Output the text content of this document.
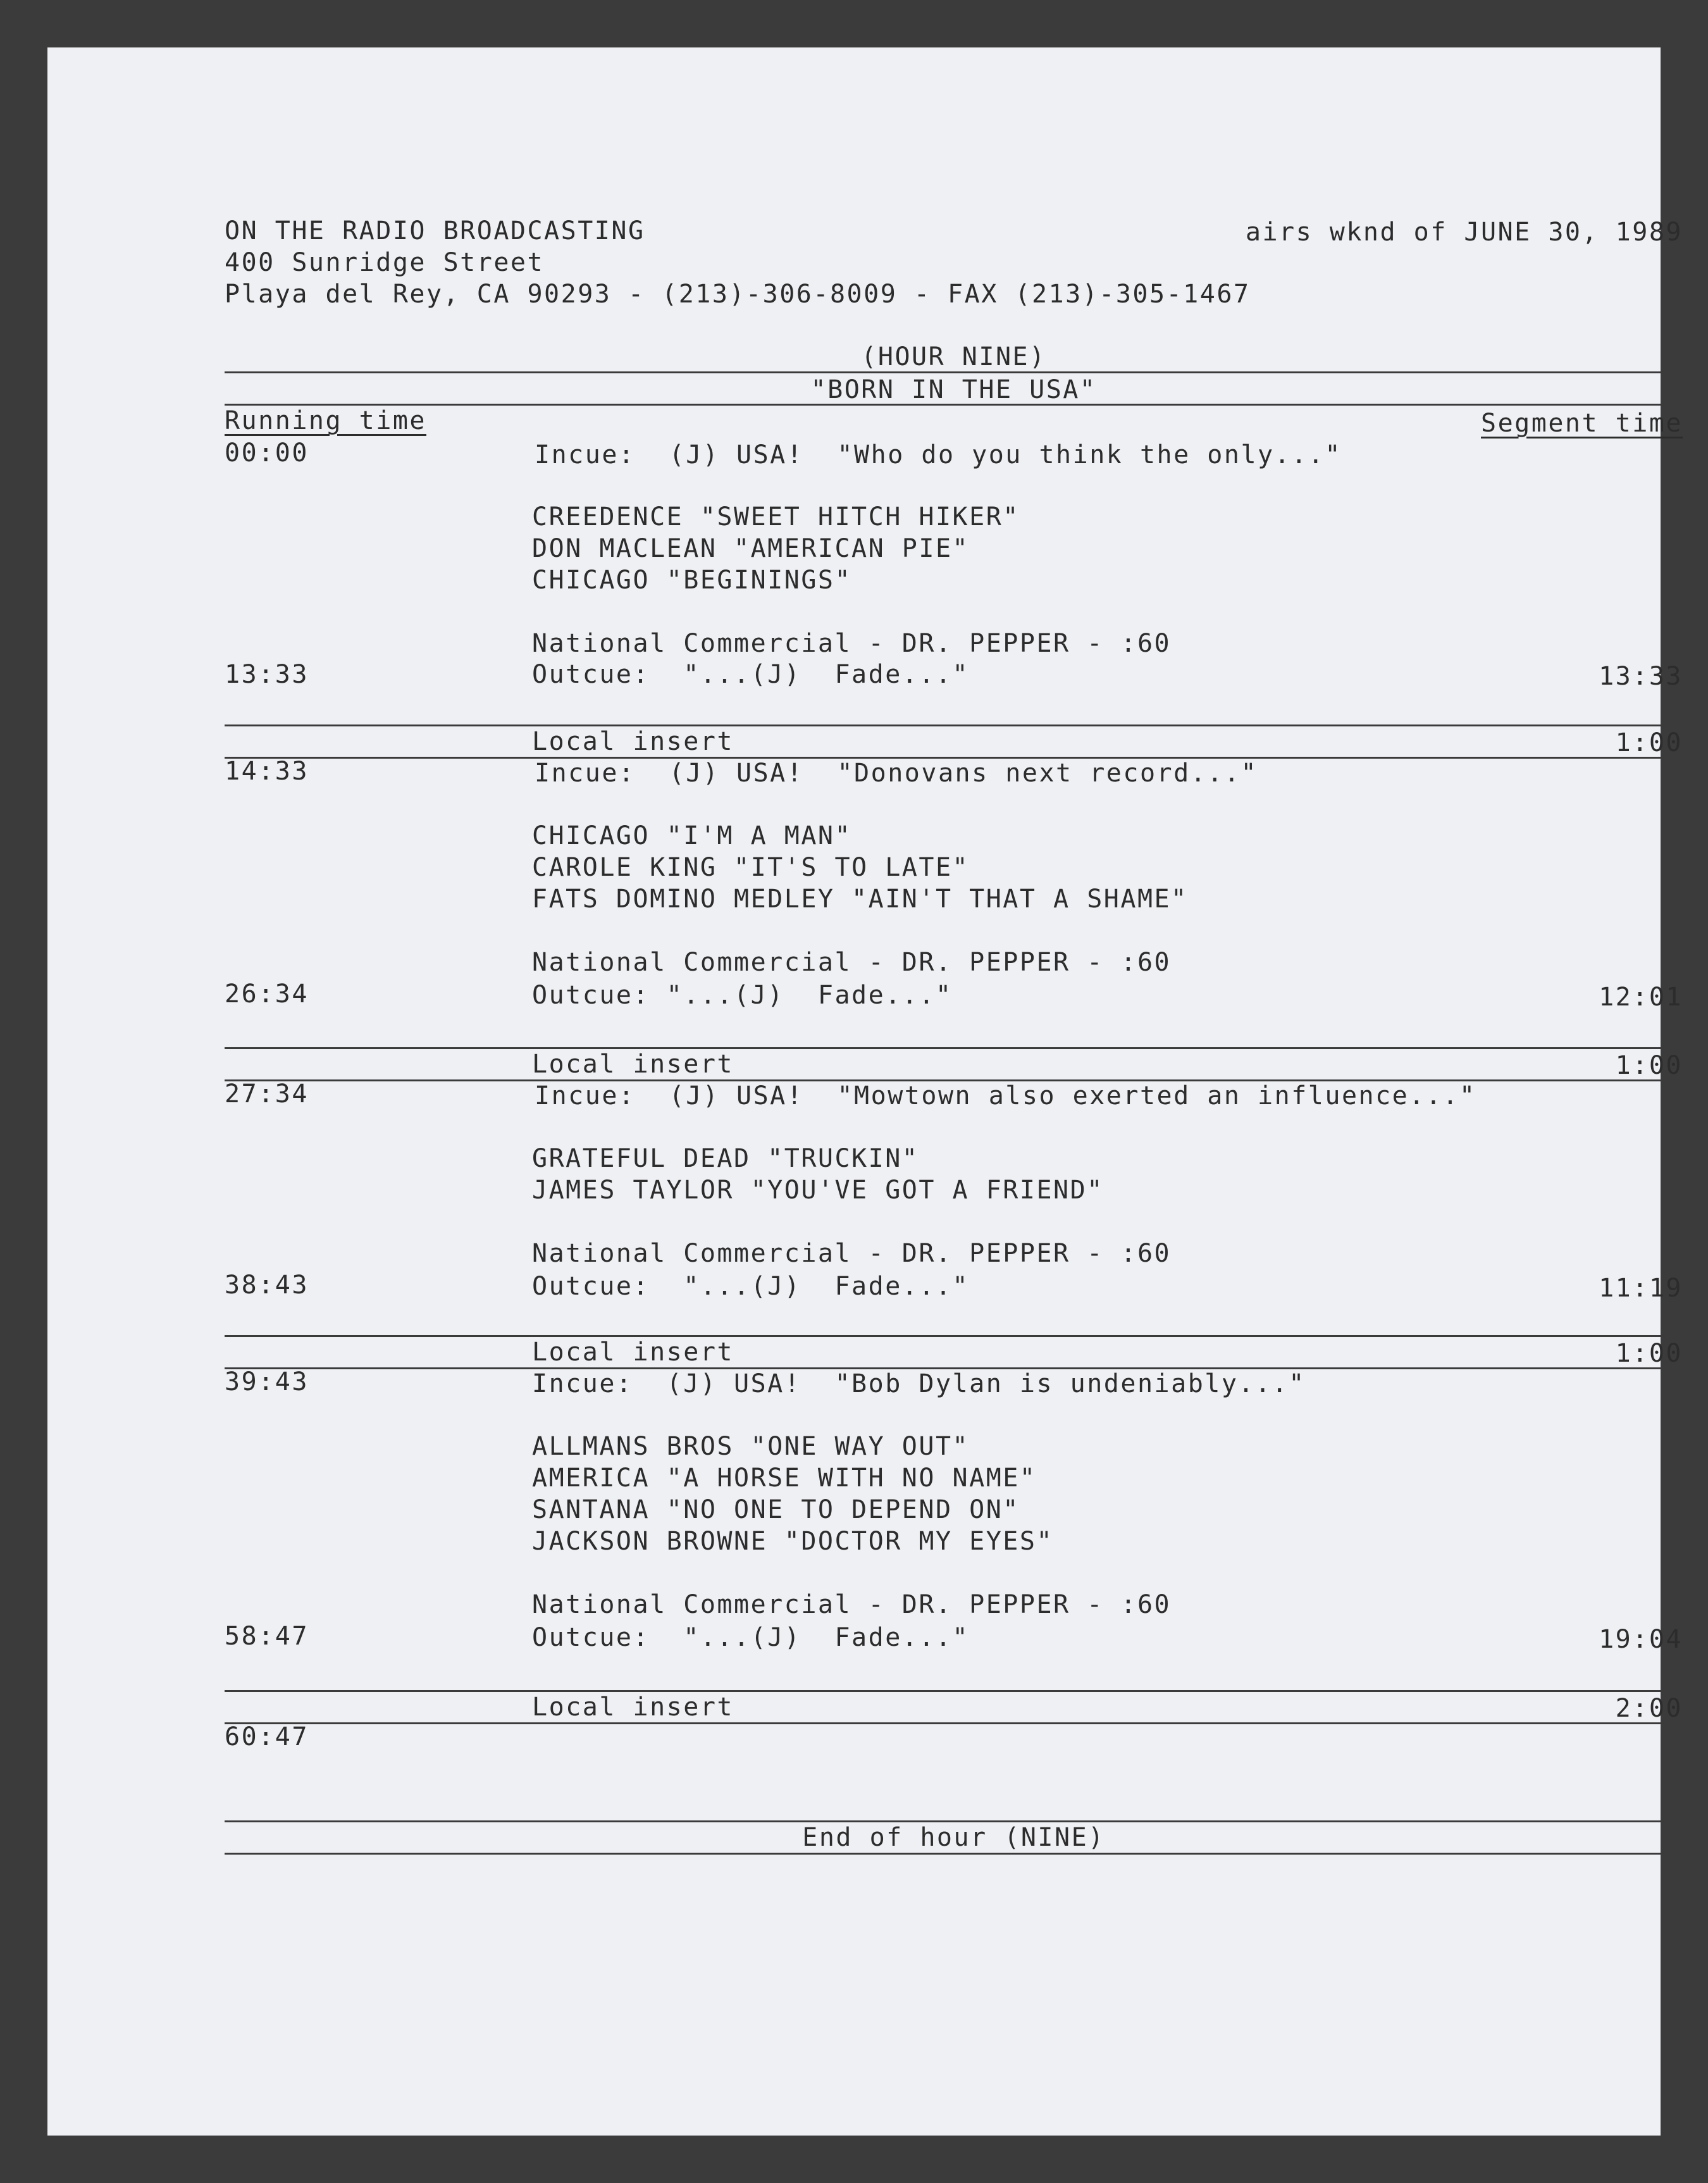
ON THE RADIO BROADCASTING	airs wknd of JUNE 30, 1989
400 Sunridge Street
Playa del Rey, CA 90293 - (213)-306-8009 - FAX (213)-305-1467
(HOUR NINE)
"BORN IN THE USA"
Running time	Segment time
00:00	Incue:  (J) USA!  "Who do you think the only..."
CREEDENCE "SWEET HITCH HIKER"
DON MACLEAN "AMERICAN PIE"
CHICAGO "BEGININGS"
National Commercial - DR. PEPPER - :60
13:33	Outcue:  "...(J)  Fade..."	13:33
Local insert	1:00
14:33	Incue:  (J) USA!  "Donovans next record..."
CHICAGO "I'M A MAN"
CAROLE KING "IT'S TO LATE"
FATS DOMINO MEDLEY "AIN'T THAT A SHAME"
National Commercial - DR. PEPPER - :60
26:34	Outcue: "...(J)  Fade..."	12:01
Local insert	1:00
27:34	Incue:  (J) USA!  "Mowtown also exerted an influence..."
GRATEFUL DEAD "TRUCKIN"
JAMES TAYLOR "YOU'VE GOT A FRIEND"
National Commercial - DR. PEPPER - :60
38:43	Outcue:  "...(J)  Fade..."	11:19
Local insert	1:00
39:43	Incue:  (J) USA!  "Bob Dylan is undeniably..."
ALLMANS BROS "ONE WAY OUT"
AMERICA "A HORSE WITH NO NAME"
SANTANA "NO ONE TO DEPEND ON"
JACKSON BROWNE "DOCTOR MY EYES"
National Commercial - DR. PEPPER - :60
58:47	Outcue:  "...(J)  Fade..."	19:04
Local insert	2:00
60:47
End of hour (NINE)
